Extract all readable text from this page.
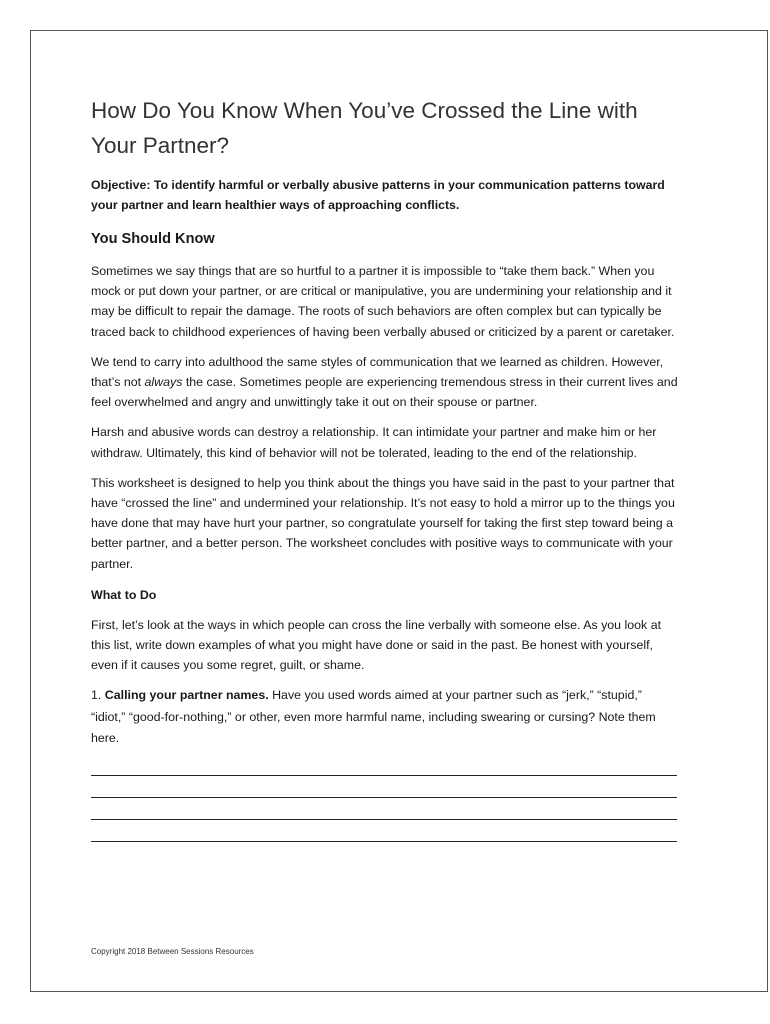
How Do You Know When You’ve Crossed the Line with Your Partner?
Objective: To identify harmful or verbally abusive patterns in your communication patterns toward your partner and learn healthier ways of approaching conflicts.
You Should Know

Sometimes we say things that are so hurtful to a partner it is impossible to “take them back.” When you mock or put down your partner, or are critical or manipulative, you are undermining your relationship and it may be difficult to repair the damage. The roots of such behaviors are often complex but can typically be traced back to childhood experiences of having been verbally abused or criticized by a parent or caretaker.

We tend to carry into adulthood the same styles of communication that we learned as children. However, that’s not always the case. Sometimes people are experiencing tremendous stress in their current lives and feel overwhelmed and angry and unwittingly take it out on their spouse or partner.

Harsh and abusive words can destroy a relationship. It can intimidate your partner and make him or her withdraw. Ultimately, this kind of behavior will not be tolerated, leading to the end of the relationship.

This worksheet is designed to help you think about the things you have said in the past to your partner that have “crossed the line” and undermined your relationship. It’s not easy to hold a mirror up to the things you have done that may have hurt your partner, so congratulate yourself for taking the first step toward being a better partner, and a better person. The worksheet concludes with positive ways to communicate with your partner.

What to Do

First, let’s look at the ways in which people can cross the line verbally with someone else. As you look at this list, write down examples of what you might have done or said in the past. Be honest with yourself, even if it causes you some regret, guilt, or shame.

1. Calling your partner names. Have you used words aimed at your partner such as “jerk,” “stupid,” “idiot,” “good-for-nothing,” or other, even more harmful name, including swearing or cursing? Note them here.

Copyright 2018 Between Sessions Resources
